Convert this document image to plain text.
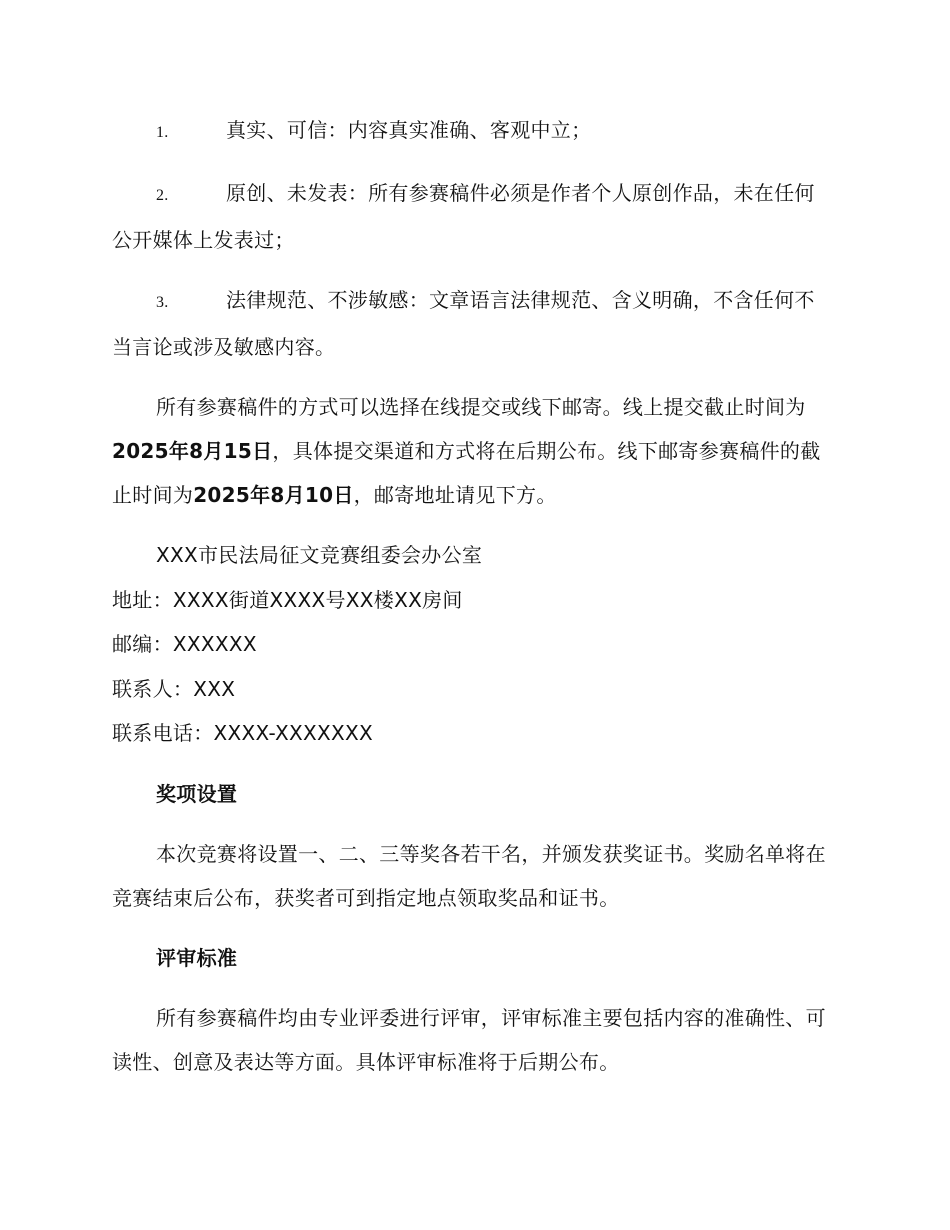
1.	真实、可信：内容真实准确、客观中立；
2.	原创、未发表：所有参赛稿件必须是作者个人原创作品，未在任何公开媒体上发表过；
3.	法律规范、不涉敏感：文章语言法律规范、含义明确，不含任何不当言论或涉及敏感内容。

所有参赛稿件的方式可以选择在线提交或线下邮寄。线上提交截止时间为2025年8月15日，具体提交渠道和方式将在后期公布。线下邮寄参赛稿件的截止时间为2025年8月10日，邮寄地址请见下方。

XXX市民法局征文竞赛组委会办公室
地址：XXXX街道XXXX号XX楼XX房间
邮编：XXXXXX
联系人：XXX
联系电话：XXXX-XXXXXXX
奖项设置

本次竞赛将设置一、二、三等奖各若干名，并颁发获奖证书。奖励名单将在竞赛结束后公布，获奖者可到指定地点领取奖品和证书。

评审标准

所有参赛稿件均由专业评委进行评审，评审标准主要包括内容的准确性、可读性、创意及表达等方面。具体评审标准将于后期公布。
